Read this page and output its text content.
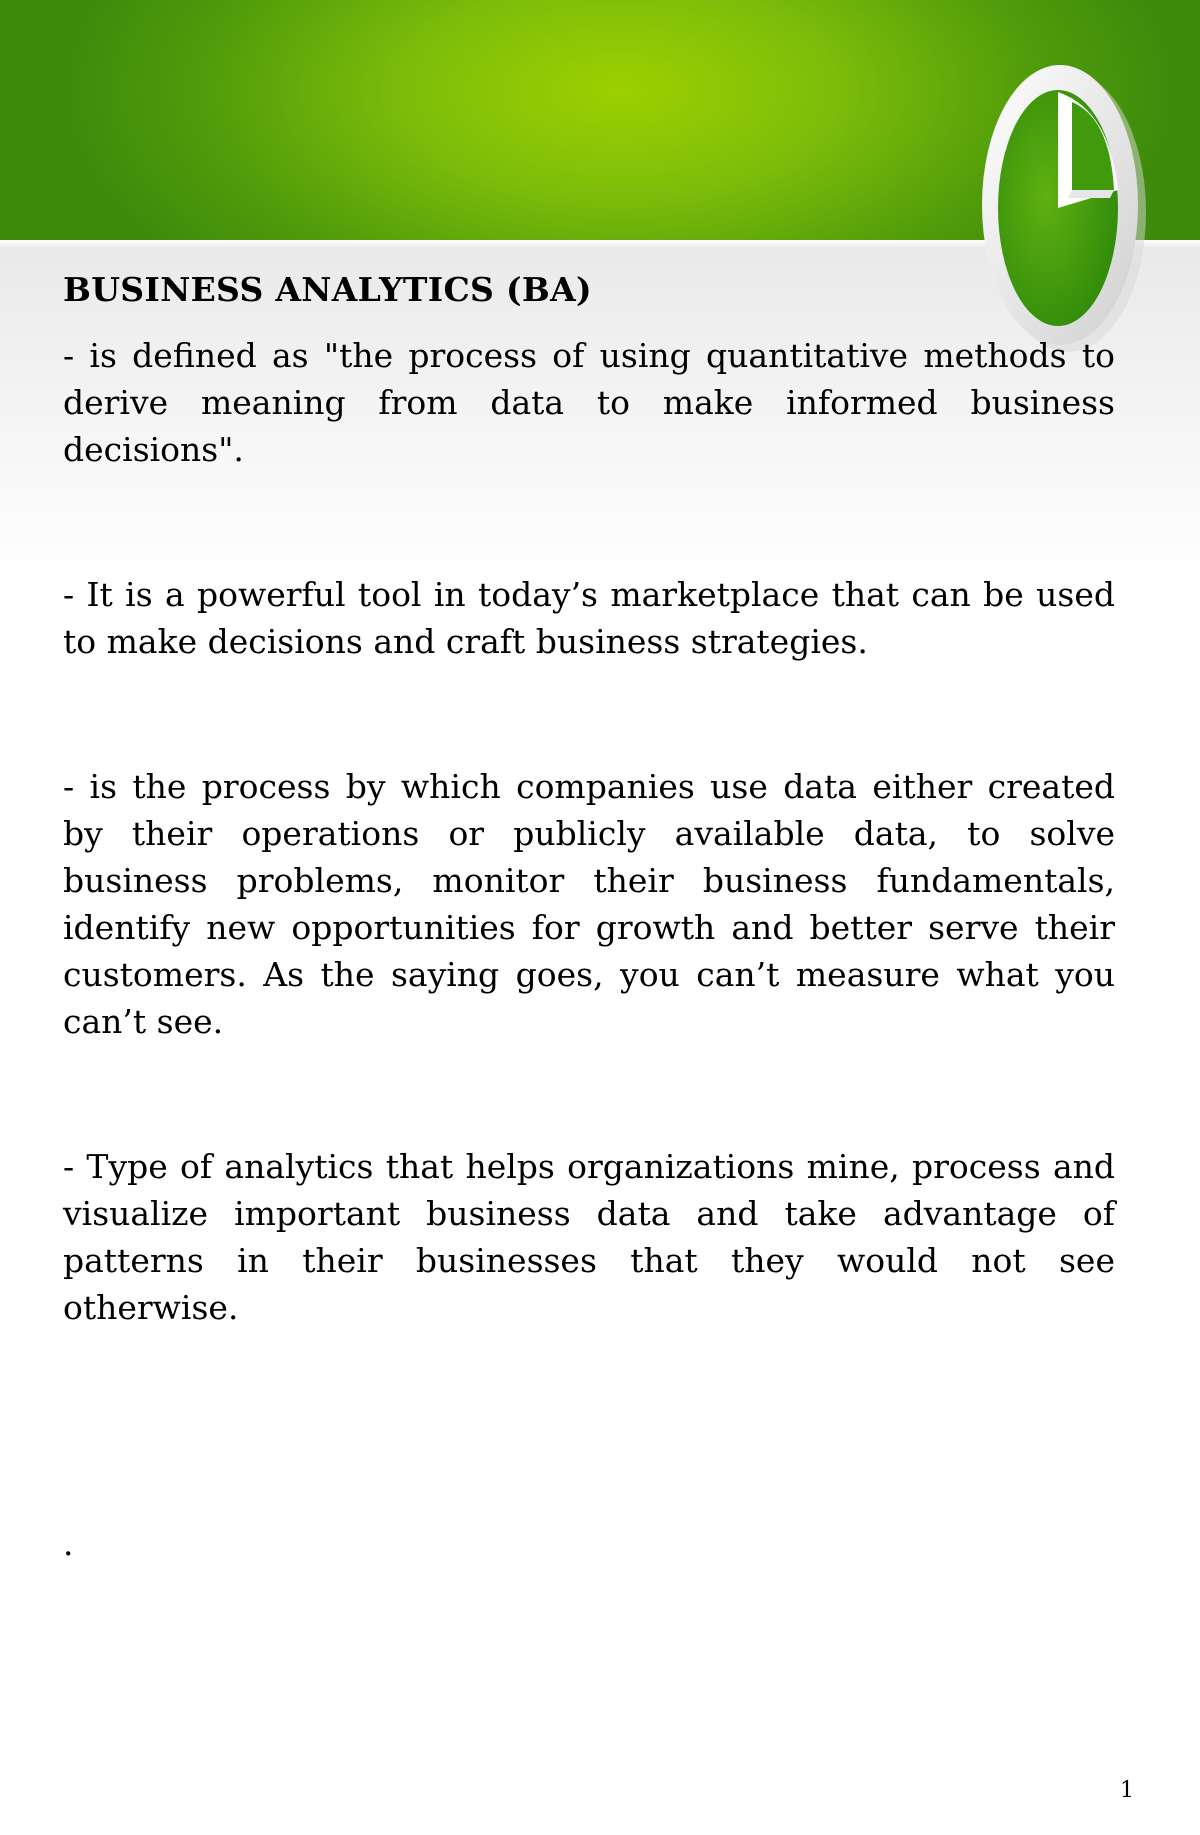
BUSINESS ANALYTICS (BA)

- is defined as "the process of using quantitative methods to derive meaning from data to make informed business decisions".

- It is a powerful tool in today’s marketplace that can be used to make decisions and craft business strategies.

- is the process by which companies use data either created by their operations or publicly available data, to solve business problems, monitor their business fundamentals, identify new opportunities for growth and better serve their customers. As the saying goes, you can’t measure what you can’t see.

- Type of analytics that helps organizations mine, process and visualize important business data and take advantage of patterns in their businesses that they would not see otherwise.

.
1
